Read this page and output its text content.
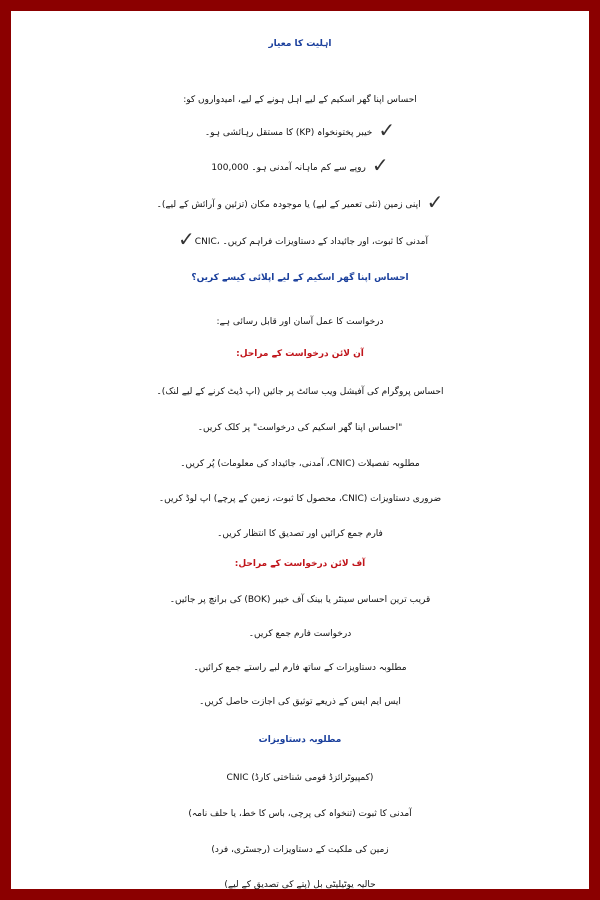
اہلیت کا معیار
احساس اپنا گھر اسکیم کے لیے اہل ہونے کے لیے، امیدواروں کو:
✓خیبر پختونخواہ (KP) کا مستقل رہائشی ہو۔
✓روپے سے کم ماہانہ آمدنی ہو۔ 100,000
✓اپنی زمین (نئی تعمیر کے لیے) یا موجودہ مکان (تزئین و آرائش کے لیے)۔
✓CNIC، آمدنی کا ثبوت، اور جائیداد کے دستاویزات فراہم کریں۔
احساس اپنا گھر اسکیم کے لیے اپلائی کیسے کریں؟
درخواست کا عمل آسان اور قابل رسائی ہے:
آن لائن درخواست کے مراحل:
احساس پروگرام کی آفیشل ویب سائٹ پر جائیں (اپ ڈیٹ کرنے کے لیے لنک)۔
"احساس اپنا گھر اسکیم کی درخواست" پر کلک کریں۔
مطلوبہ تفصیلات (CNIC، آمدنی، جائیداد کی معلومات) پُر کریں۔
ضروری دستاویزات (CNIC، محصول کا ثبوت، زمین کے پرچے) اپ لوڈ کریں۔
فارم جمع کرائیں اور تصدیق کا انتظار کریں۔
آف لائن درخواست کے مراحل:
قریب ترین احساس سینٹر یا بینک آف خیبر (BOK) کی برانچ پر جائیں۔
درخواست فارم جمع کریں۔
مطلوبہ دستاویزات کے ساتھ فارم لبے راستے جمع کرائیں۔
ایس ایم ایس کے ذریعے توثیق کی اجازت حاصل کریں۔
مطلوبہ دستاویزات
CNIC (کمپیوٹرائزڈ قومی شناختی کارڈ)
آمدنی کا ثبوت (تنخواہ کی پرچی، باس کا خط، یا حلف نامہ)
زمین کی ملکیت کے دستاویزات (رجسٹری، فرد)
حالیہ یوٹیلیٹی بل (پتے کی تصدیق کے لیے)
